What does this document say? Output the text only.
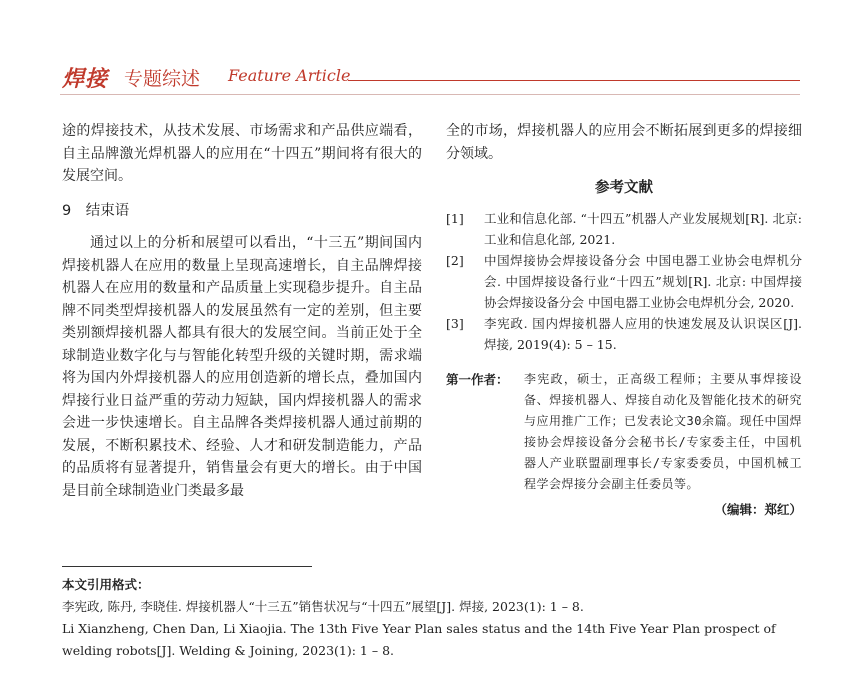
焊接 专题综述 Feature Article

途的焊接技术，从技术发展、市场需求和产品供应端看，自主品牌激光焊机器人的应用在“十四五”期间将有很大的发展空间。

9　结束语

通过以上的分析和展望可以看出，“十三五”期间国内焊接机器人在应用的数量上呈现高速增长，自主品牌焊接机器人在应用的数量和产品质量上实现稳步提升。自主品牌不同类型焊接机器人的发展虽然有一定的差别，但主要类别额焊接机器人都具有很大的发展空间。当前正处于全球制造业数字化与与智能化转型升级的关键时期，需求端将为国内外焊接机器人的应用创造新的增长点，叠加国内焊接行业日益严重的劳动力短缺，国内焊接机器人的需求会进一步快速增长。自主品牌各类焊接机器人通过前期的发展，不断积累技术、经验、人才和研发制造能力，产品的品质将有显著提升，销售量会有更大的增长。由于中国是目前全球制造业门类最多最

全的市场，焊接机器人的应用会不断拓展到更多的焊接细分领域。

参考文献
[1]	工业和信息化部. “十四五”机器人产业发展规划[R]. 北京: 工业和信息化部, 2021.
[2]	中国焊接协会焊接设备分会 中国电器工业协会电焊机分会. 中国焊接设备行业“十四五”规划[R]. 北京: 中国焊接协会焊接设备分会 中国电器工业协会电焊机分会, 2020.
[3]	李宪政. 国内焊接机器人应用的快速发展及认识误区[J]. 焊接, 2019(4): 5 – 15.
第一作者：	李宪政，硕士，正高级工程师；主要从事焊接设备、焊接机器人、焊接自动化及智能化技术的研究与应用推广工作；已发表论文30余篇。现任中国焊接协会焊接设备分会秘书长/专家委主任，中国机器人产业联盟副理事长/专家委委员，中国机械工程学会焊接分会副主任委员等。
（编辑：郑红）
本文引用格式：
李宪政, 陈丹, 李晓佳. 焊接机器人“十三五”销售状况与“十四五”展望[J]. 焊接, 2023(1): 1 – 8.
Li Xianzheng, Chen Dan, Li Xiaojia. The 13th Five Year Plan sales status and the 14th Five Year Plan prospect of welding robots[J]. Welding & Joining, 2023(1): 1 – 8.
